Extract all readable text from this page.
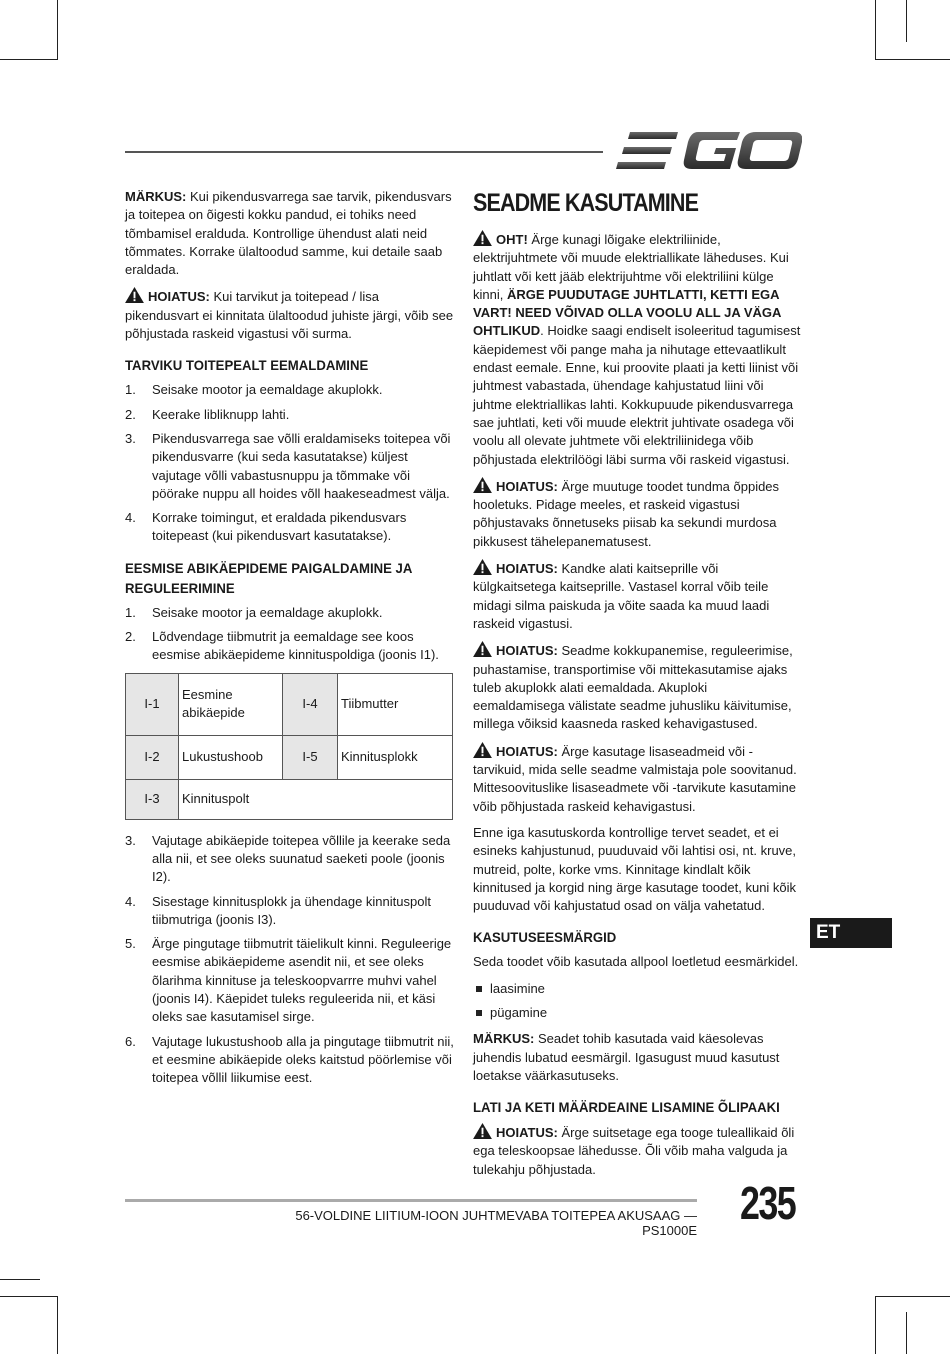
MÄRKUS: Kui pikendusvarrega sae tarvik, pikendusvars ja toitepea on õigesti kokku pandud, ei tohiks need tõmbamisel eralduda. Kontrollige ühendust alati neid tõmmates. Korrake ülaltoodud samme, kui detaile saab eraldada.

HOIATUS: Kui tarvikut ja toitepead / lisa pikendusvart ei kinnitata ülaltoodud juhiste järgi, võib see põhjustada raskeid vigastusi või surma.

TARVIKU TOITEPEALT EEMALDAMINE
1. Seisake mootor ja eemaldage akuplokk.
2. Keerake libliknupp lahti.
3. Pikendusvarrega sae võlli eraldamiseks toitepea või pikendusvarre (kui seda kasutatakse) küljest vajutage võlli vabastusnuppu ja tõmmake või pöörake nuppu all hoides võll haakeseadmest välja.
4. Korrake toimingut, et eraldada pikendusvars toitepeast (kui pikendusvart kasutatakse).
EESMISE ABIKÄEPIDEME PAIGALDAMINE JA REGULEERIMINE
1. Seisake mootor ja eemaldage akuplokk.
2. Lõdvendage tiibmutrit ja eemaldage see koos eesmise abikäepideme kinnituspoldiga (joonis I1).
I-1	Eesmine abikäepide	I-4	Tiibmutter
I-2	Lukustushoob	I-5	Kinnitusplokk
I-3	Kinnituspolt		
3. Vajutage abikäepide toitepea võllile ja keerake seda alla nii, et see oleks suunatud saeketi poole (joonis I2).
4. Sisestage kinnitusplokk ja ühendage kinnituspolt tiibmutriga (joonis I3).
5. Ärge pingutage tiibmutrit täielikult kinni. Reguleerige eesmise abikäepideme asendit nii, et see oleks õlarihma kinnituse ja teleskoopvarrre muhvi vahel (joonis I4). Käepidet tuleks reguleerida nii, et käsi oleks sae kasutamisel sirge.
6. Vajutage lukustushoob alla ja pingutage tiibmutrit nii, et eesmine abikäepide oleks kaitstud pöörlemise või toitepea võllil liikumise eest.
SEADME KASUTAMINE

OHT! Ärge kunagi lõigake elektriliinide, elektrijuhtmete või muude elektriallikate läheduses. Kui juhtlatt või kett jääb elektrijuhtme või elektriliini külge kinni, ÄRGE PUUDUTAGE JUHTLATTI, KETTI EGA VART! NEED VÕIVAD OLLA VOOLU ALL JA VÄGA OHTLIKUD. Hoidke saagi endiselt isoleeritud tagumisest käepidemest või pange maha ja nihutage ettevaatlikult endast eemale. Enne, kui proovite plaati ja ketti liinist või juhtmest vabastada, ühendage kahjustatud liini või juhtme elektriallikas lahti. Kokkupuude pikendusvarrega sae juhtlati, keti või muude elektrit juhtivate osadega või voolu all olevate juhtmete või elektriliinidega võib põhjustada elektrilöögi läbi surma või raskeid vigastusi.

HOIATUS: Ärge muutuge toodet tundma õppides hooletuks. Pidage meeles, et raskeid vigastusi põhjustavaks õnnetuseks piisab ka sekundi murdosa pikkusest tähelepanematusest.

HOIATUS: Kandke alati kaitseprille või külgkaitsetega kaitseprille. Vastasel korral võib teile midagi silma paiskuda ja võite saada ka muud laadi raskeid vigastusi.

HOIATUS: Seadme kokkupanemise, reguleerimise, puhastamise, transportimise või mittekasutamise ajaks tuleb akuplokk alati eemaldada. Akuploki eemaldamisega välistate seadme juhusliku käivitumise, millega võiksid kaasneda rasked kehavigastused.

HOIATUS: Ärge kasutage lisaseadmeid või -tarvikuid, mida selle seadme valmistaja pole soovitanud. Mittesoovituslike lisaseadmete või -tarvikute kasutamine võib põhjustada raskeid kehavigastusi.

Enne iga kasutuskorda kontrollige tervet seadet, et ei esineks kahjustunud, puuduvaid või lahtisi osi, nt. kruve, mutreid, polte, korke vms. Kinnitage kindlalt kõik kinnitused ja korgid ning ärge kasutage toodet, kuni kõik puuduvad või kahjustatud osad on välja vahetatud.

KASUTUSEESMÄRGID

Seda toodet võib kasutada allpool loetletud eesmärkidel.

laasimine
pügamine

MÄRKUS: Seadet tohib kasutada vaid käesolevas juhendis lubatud eesmärgil. Igasugust muud kasutust loetakse väärkasutuseks.

LATI JA KETI MÄÄRDEAINE LISAMINE ÕLIPAAKI

HOIATUS: Ärge suitsetage ega tooge tuleallikaid õli ega teleskoopsae lähedusse. Õli võib maha valguda ja tulekahju põhjustada.

ET
56-VOLDINE LIITIUM-IOON JUHTMEVABA TOITEPEA AKUSAAG — PS1000E
235
